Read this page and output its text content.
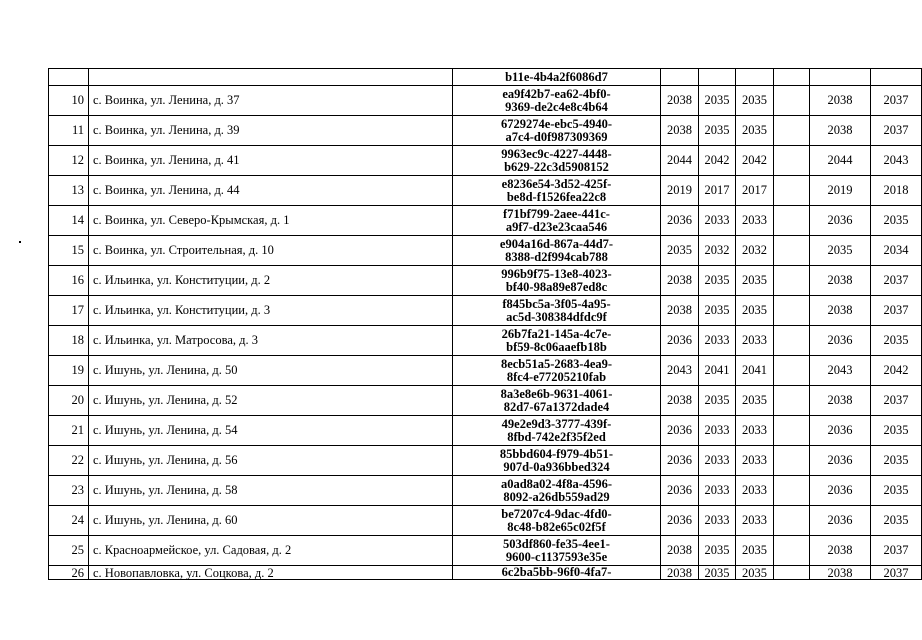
		b11e-4b4a2f6086d7						

10	с. Воинка, ул. Ленина, д. 37	ea9f42b7-ea62-4bf0-
9369-de2c4e8c4b64	2038	2035	2035		2038	2037
11	с. Воинка, ул. Ленина, д. 39	6729274e-ebc5-4940-
a7c4-d0f987309369	2038	2035	2035		2038	2037
12	с. Воинка, ул. Ленина, д. 41	9963ec9c-4227-4448-
b629-22c3d5908152	2044	2042	2042		2044	2043
13	с. Воинка, ул. Ленина, д. 44	e8236e54-3d52-425f-
be8d-f1526fea22c8	2019	2017	2017		2019	2018
14	с. Воинка, ул. Северо-Крымская, д. 1	f71bf799-2aee-441c-
a9f7-d23e23caa546	2036	2033	2033		2036	2035
15	с. Воинка, ул. Строительная, д. 10	e904a16d-867a-44d7-
8388-d2f994cab788	2035	2032	2032		2035	2034
16	с. Ильинка, ул. Конституции, д. 2	996b9f75-13e8-4023-
bf40-98a89e87ed8c	2038	2035	2035		2038	2037
17	с. Ильинка, ул. Конституции, д. 3	f845bc5a-3f05-4a95-
ac5d-308384dfdc9f	2038	2035	2035		2038	2037
18	с. Ильинка, ул. Матросова, д. 3	26b7fa21-145a-4c7e-
bf59-8c06aaefb18b	2036	2033	2033		2036	2035
19	с. Ишунь, ул. Ленина, д. 50	8ecb51a5-2683-4ea9-
8fc4-e77205210fab	2043	2041	2041		2043	2042
20	с. Ишунь, ул. Ленина, д. 52	8a3e8e6b-9631-4061-
82d7-67a1372dade4	2038	2035	2035		2038	2037
21	с. Ишунь, ул. Ленина, д. 54	49e2e9d3-3777-439f-
8fbd-742e2f35f2ed	2036	2033	2033		2036	2035
22	с. Ишунь, ул. Ленина, д. 56	85bbd604-f979-4b51-
907d-0a936bbed324	2036	2033	2033		2036	2035
23	с. Ишунь, ул. Ленина, д. 58	a0ad8a02-4f8a-4596-
8092-a26db559ad29	2036	2033	2033		2036	2035
24	с. Ишунь, ул. Ленина, д. 60	be7207c4-9dac-4fd0-
8c48-b82e65c02f5f	2036	2033	2033		2036	2035
25	с. Красноармейское, ул. Садовая, д. 2	503df860-fe35-4ee1-
9600-c1137593e35e	2038	2035	2035		2038	2037
26	с. Новопавловка, ул. Соцкова, д. 2	6c2ba5bb-96f0-4fa7-	2038	2035	2035		2038	2037
